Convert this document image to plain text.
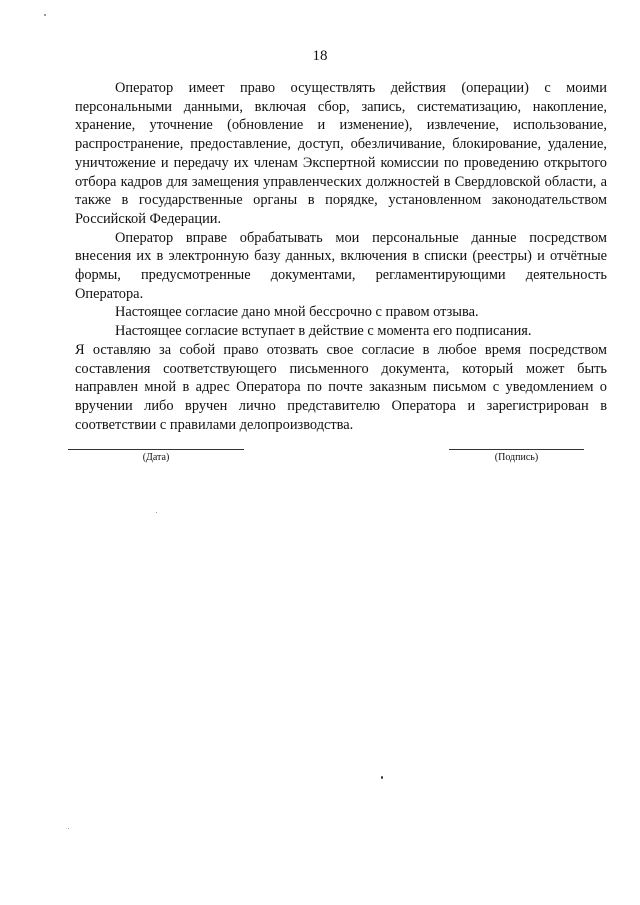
18

Оператор имеет право осуществлять действия (операции) с моими персональными данными, включая сбор, запись, систематизацию, накопление, хранение, уточнение (обновление и изменение), извлечение, использование, распространение, предоставление, доступ, обезличивание, блокирование, удаление, уничтожение и передачу их членам Экспертной комиссии по проведению открытого отбора кадров для замещения управленческих должностей в Свердловской области, а также в государственные органы в порядке, установленном законодательством Российской Федерации.

Оператор вправе обрабатывать мои персональные данные посредством внесения их в электронную базу данных, включения в списки (реестры) и отчётные формы, предусмотренные документами, регламентирующими деятельность Оператора.

Настоящее согласие дано мной бессрочно с правом отзыва.

Настоящее согласие вступает в действие с момента его подписания.

Я оставляю за собой право отозвать свое согласие в любое время посредством составления соответствующего письменного документа, который может быть направлен мной в адрес Оператора по почте заказным письмом с уведомлением о вручении либо вручен лично представителю Оператора и зарегистрирован в соответствии с правилами делопроизводства.

(Дата)	(Подпись)
